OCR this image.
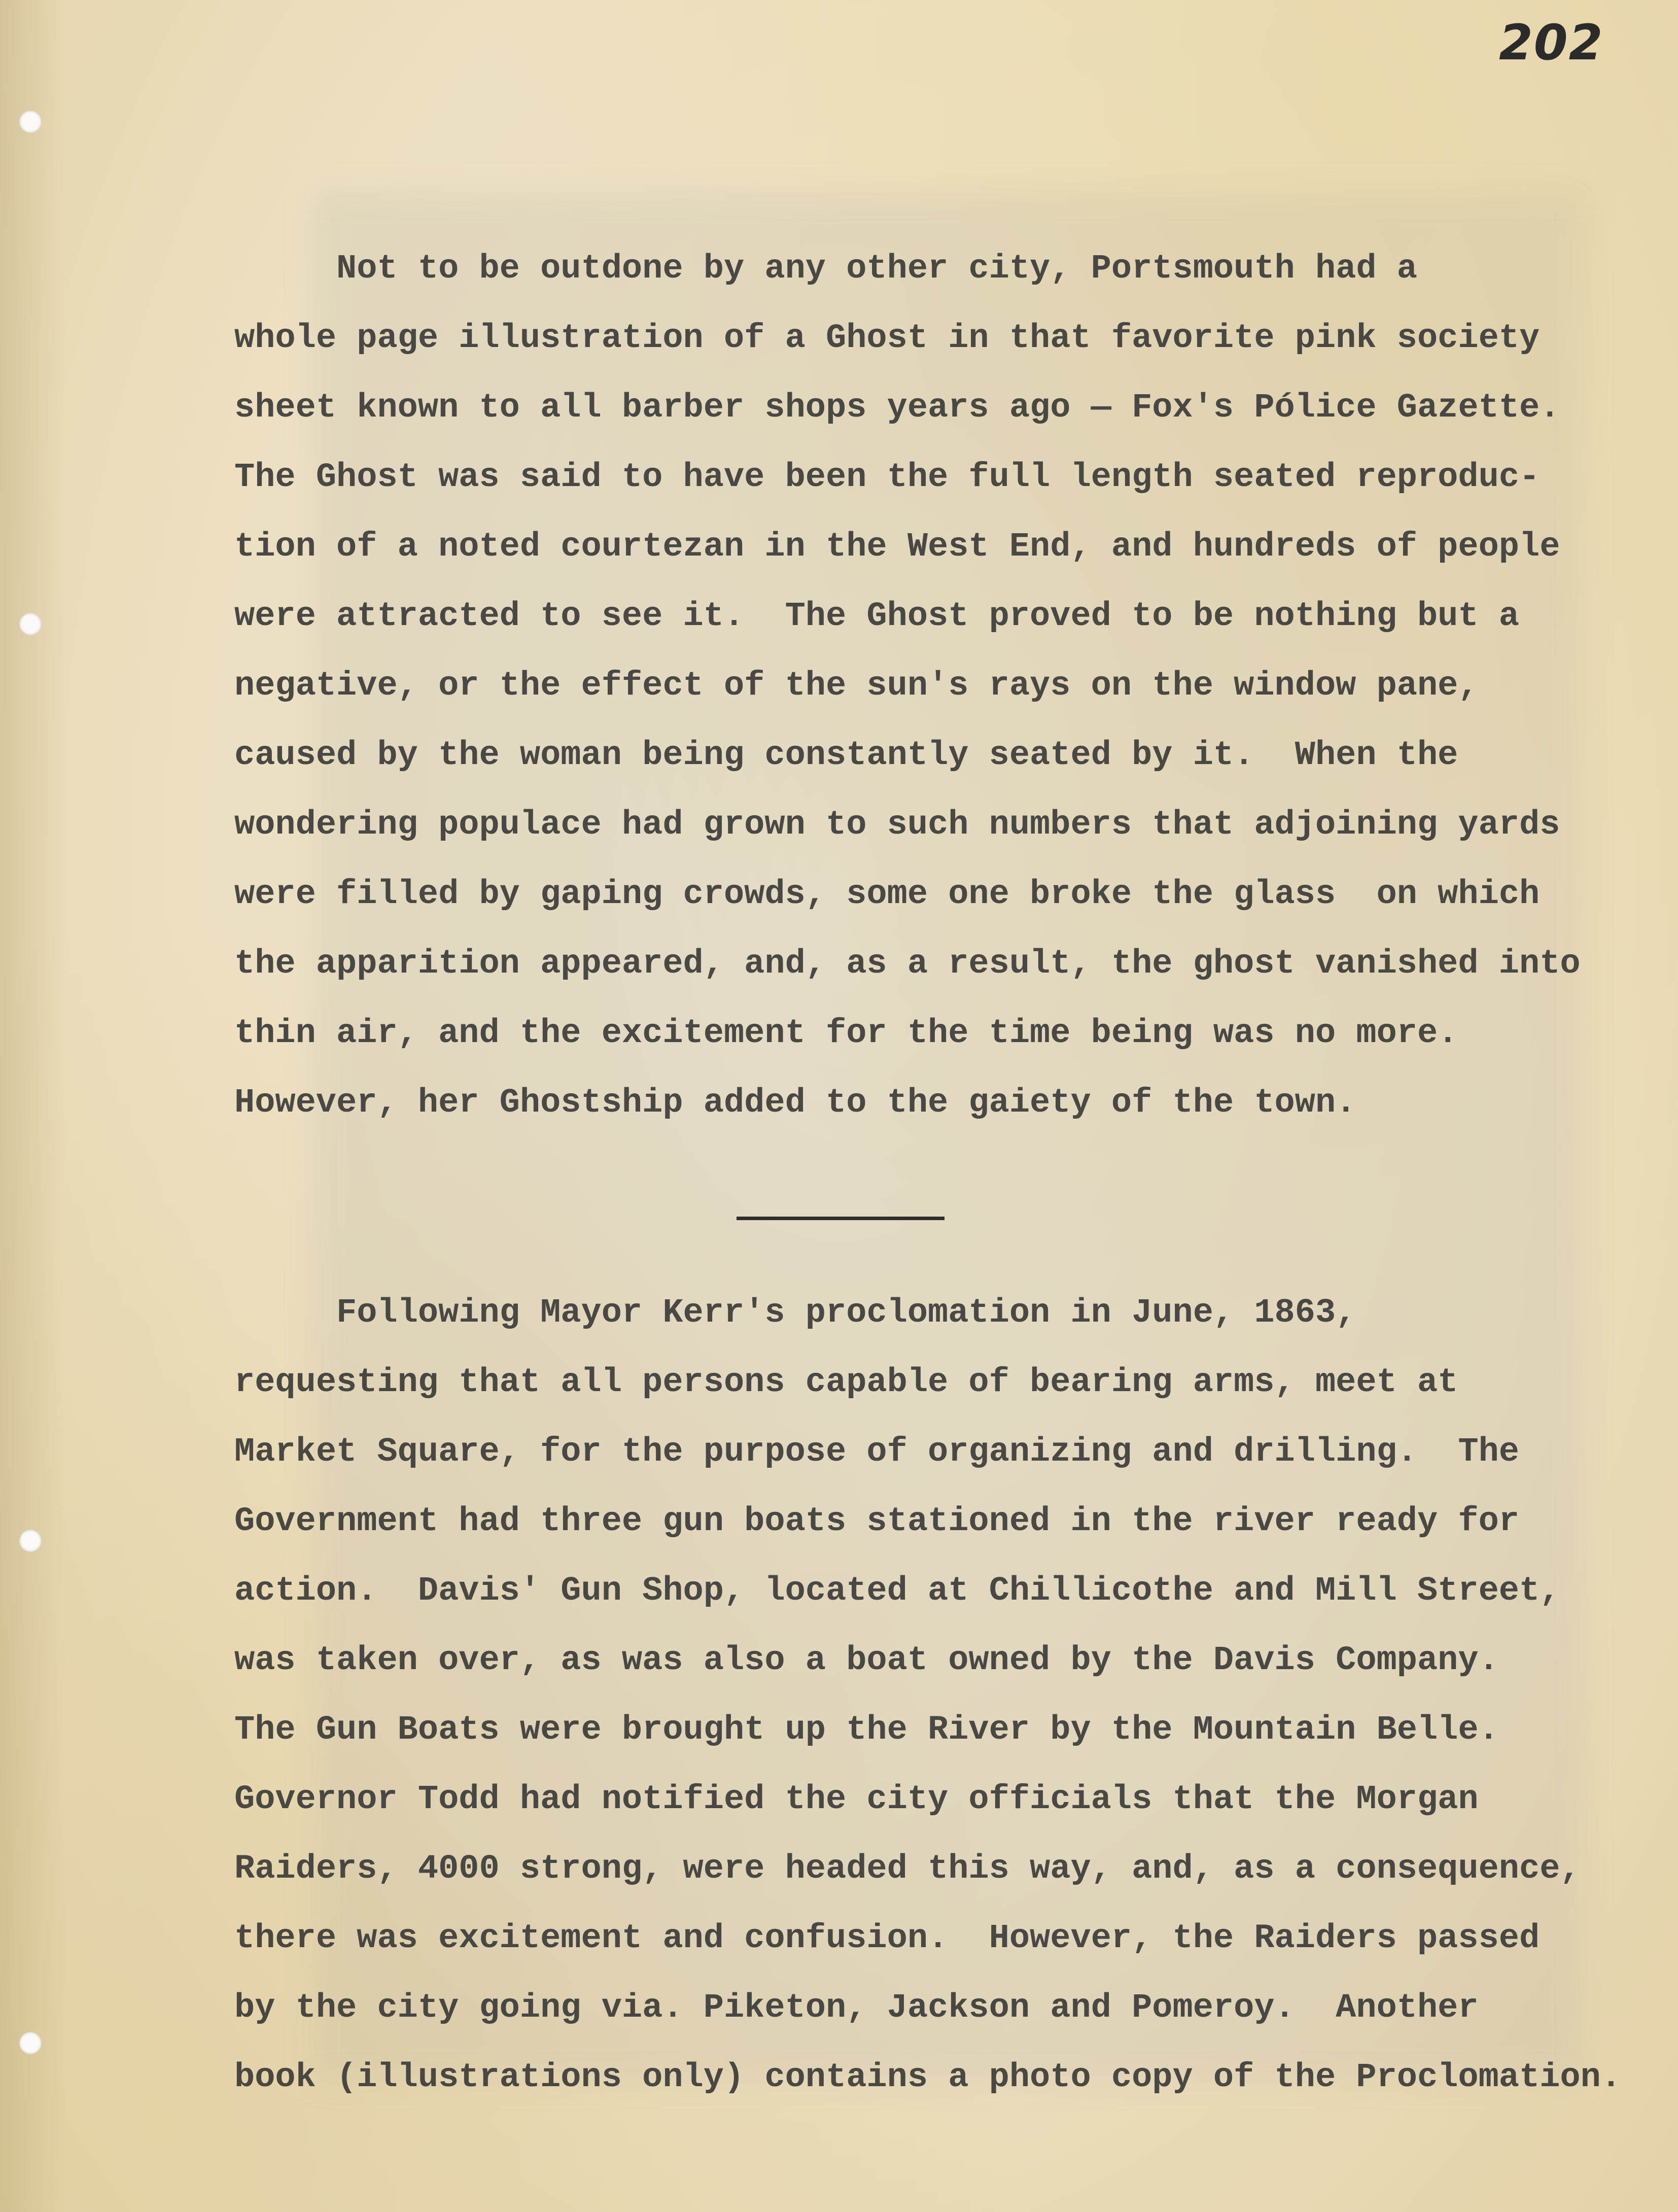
202

Not to be outdone by any other city, Portsmouth had a

whole page illustration of a Ghost in that favorite pink society

sheet known to all barber shops years ago — Fox's Pólice Gazette.

The Ghost was said to have been the full length seated reproduc-

tion of a noted courtezan in the West End, and hundreds of people

were attracted to see it.  The Ghost proved to be nothing but a

negative, or the effect of the sun's rays on the window pane,

caused by the woman being constantly seated by it.  When the

wondering populace had grown to such numbers that adjoining yards

were filled by gaping crowds, some one broke the glass  on which

the apparition appeared, and, as a result, the ghost vanished into

thin air, and the excitement for the time being was no more.

However, her Ghostship added to the gaiety of the town.

Following Mayor Kerr's proclomation in June, 1863,

requesting that all persons capable of bearing arms, meet at

Market Square, for the purpose of organizing and drilling.  The

Government had three gun boats stationed in the river ready for

action.  Davis' Gun Shop, located at Chillicothe and Mill Street,

was taken over, as was also a boat owned by the Davis Company.

The Gun Boats were brought up the River by the Mountain Belle.

Governor Todd had notified the city officials that the Morgan

Raiders, 4000 strong, were headed this way, and, as a consequence,

there was excitement and confusion.  However, the Raiders passed

by the city going via. Piketon, Jackson and Pomeroy.  Another

book (illustrations only) contains a photo copy of the Proclomation.
